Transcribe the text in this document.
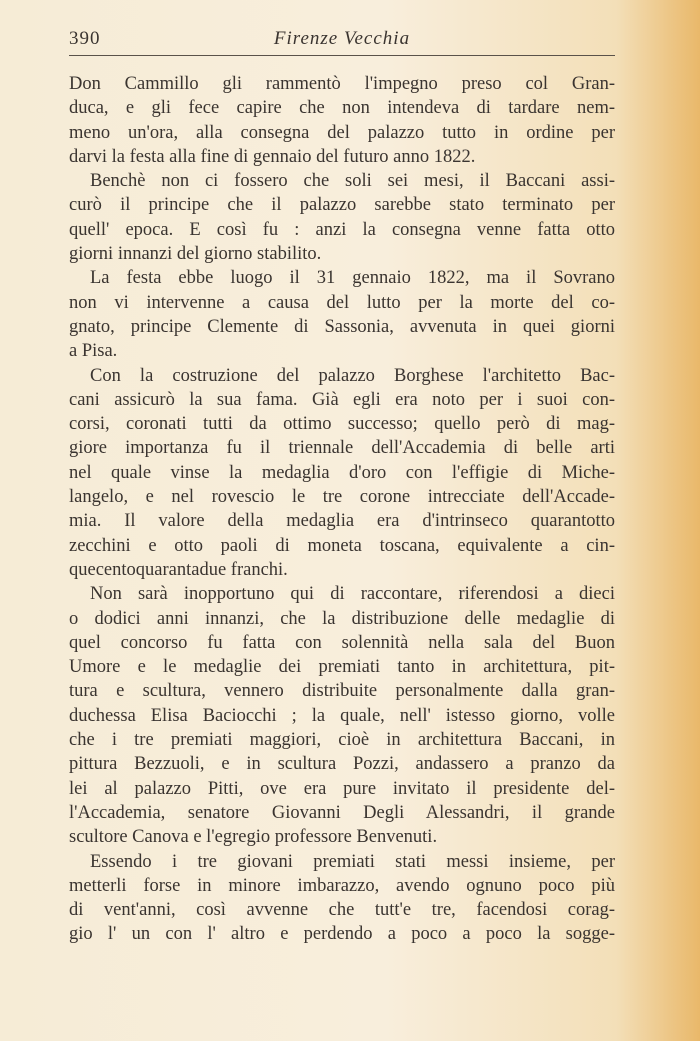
390	Firenze Vecchia
Don Cammillo gli rammentò l'impegno preso col Gran-
duca, e gli fece capire che non intendeva di tardare nem-
meno un'ora, alla consegna del palazzo tutto in ordine per
darvi la festa alla fine di gennaio del futuro anno 1822.
Benchè non ci fossero che soli sei mesi, il Baccani assi-
curò il principe che il palazzo sarebbe stato terminato per
quell' epoca. E così fu : anzi la consegna venne fatta otto
giorni innanzi del giorno stabilito.
La festa ebbe luogo il 31 gennaio 1822, ma il Sovrano
non vi intervenne a causa del lutto per la morte del co-
gnato, principe Clemente di Sassonia, avvenuta in quei giorni
a Pisa.
Con la costruzione del palazzo Borghese l'architetto Bac-
cani assicurò la sua fama. Già egli era noto per i suoi con-
corsi, coronati tutti da ottimo successo; quello però di mag-
giore importanza fu il triennale dell'Accademia di belle arti
nel quale vinse la medaglia d'oro con l'effigie di Miche-
langelo, e nel rovescio le tre corone intrecciate dell'Accade-
mia. Il valore della medaglia era d'intrinseco quarantotto
zecchini e otto paoli di moneta toscana, equivalente a cin-
quecentoquarantadue franchi.
Non sarà inopportuno qui di raccontare, riferendosi a dieci
o dodici anni innanzi, che la distribuzione delle medaglie di
quel concorso fu fatta con solennità nella sala del Buon
Umore e le medaglie dei premiati tanto in architettura, pit-
tura e scultura, vennero distribuite personalmente dalla gran-
duchessa Elisa Baciocchi ; la quale, nell' istesso giorno, volle
che i tre premiati maggiori, cioè in architettura Baccani, in
pittura Bezzuoli, e in scultura Pozzi, andassero a pranzo da
lei al palazzo Pitti, ove era pure invitato il presidente del-
l'Accademia, senatore Giovanni Degli Alessandri, il grande
scultore Canova e l'egregio professore Benvenuti.
Essendo i tre giovani premiati stati messi insieme, per
metterli forse in minore imbarazzo, avendo ognuno poco più
di vent'anni, così avvenne che tutt'e tre, facendosi corag-
gio l' un con l' altro e perdendo a poco a poco la sogge-
